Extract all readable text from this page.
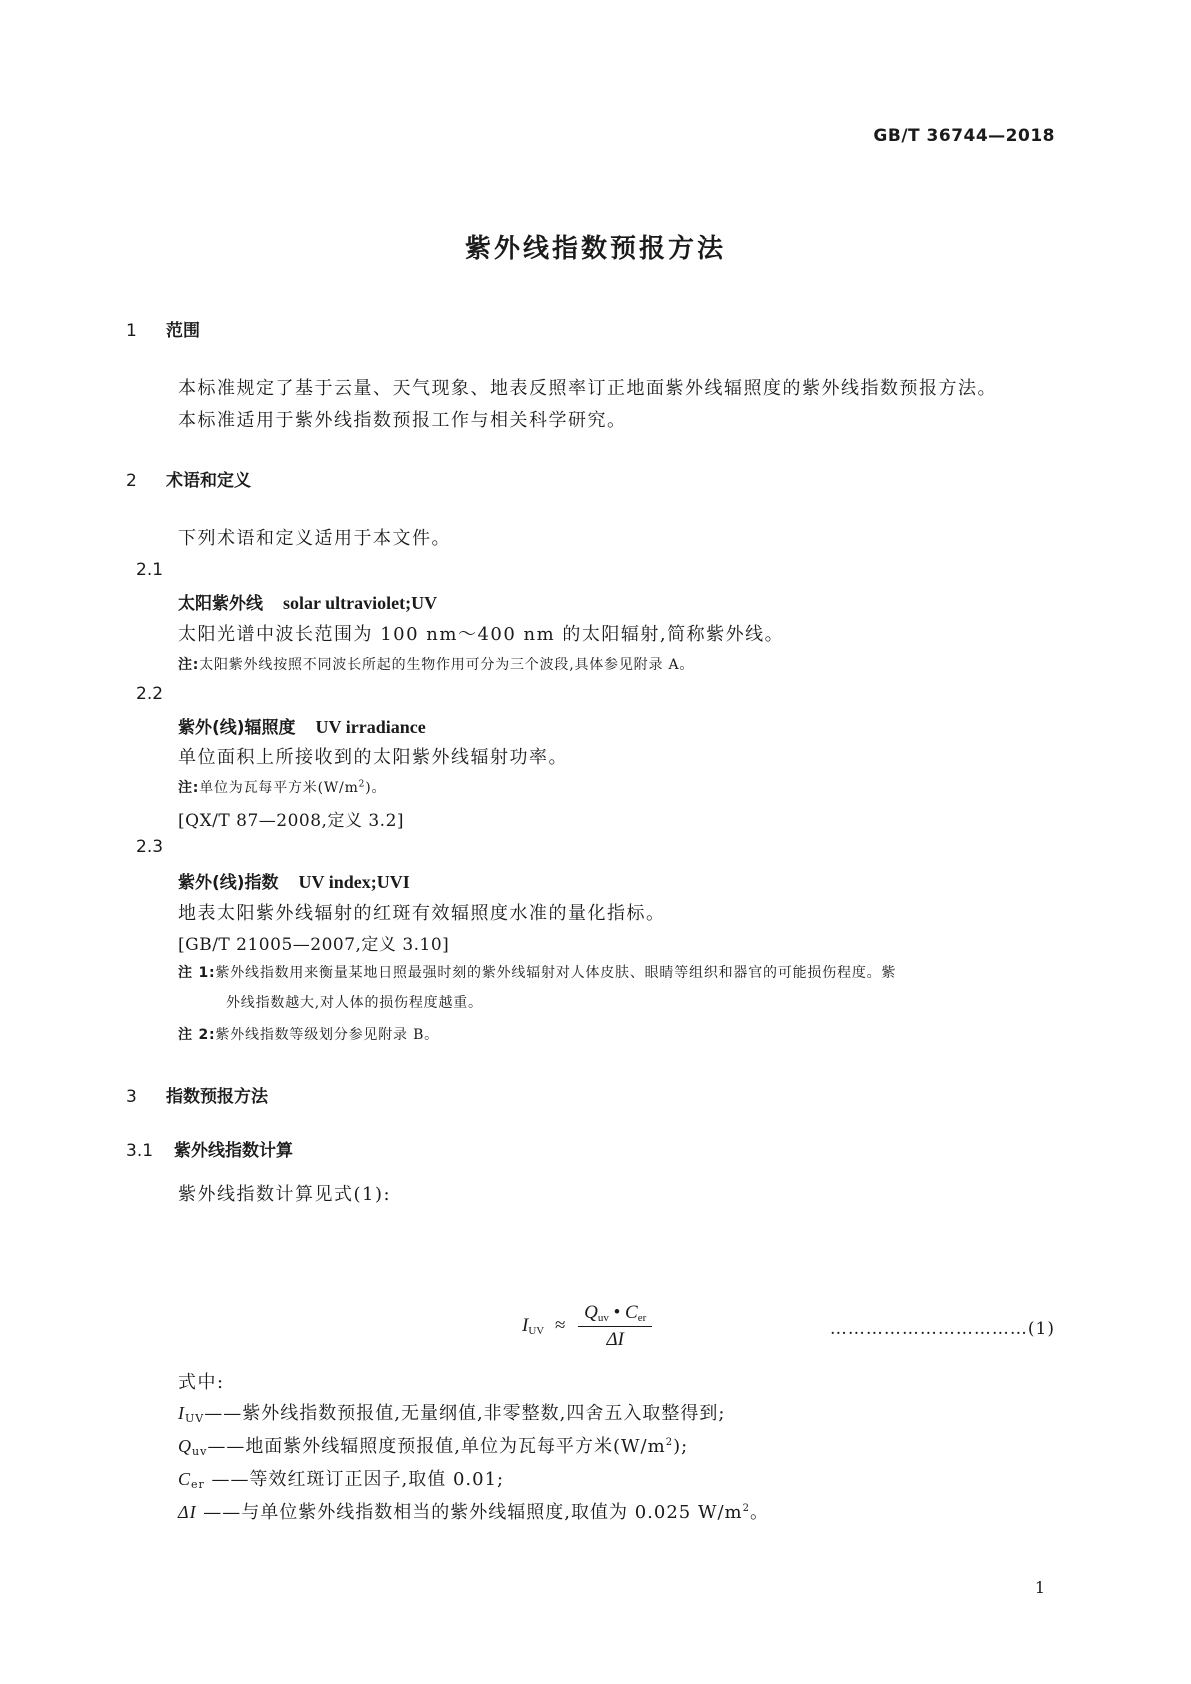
GB/T 36744—2018
紫外线指数预报方法
1 范围
本标准规定了基于云量、天气现象、地表反照率订正地面紫外线辐照度的紫外线指数预报方法。
本标准适用于紫外线指数预报工作与相关科学研究。
2 术语和定义
下列术语和定义适用于本文件。
2.1
太阳紫外线 solar ultraviolet;UV
太阳光谱中波长范围为 100 nm～400 nm 的太阳辐射,简称紫外线。
注:太阳紫外线按照不同波长所起的生物作用可分为三个波段,具体参见附录 A。
2.2
紫外(线)辐照度 UV irradiance
单位面积上所接收到的太阳紫外线辐射功率。
注:单位为瓦每平方米$(W/m^2)$。
[QX/T 87—2008,定义 3.2]
2.3
紫外(线)指数 UV index;UVI
地表太阳紫外线辐射的红斑有效辐照度水准的量化指标。
[GB/T 21005—2007,定义 3.10]
注 1:紫外线指数用来衡量某地日照最强时刻的紫外线辐射对人体皮肤、眼睛等组织和器官的可能损伤程度。紫
外线指数越大,对人体的损伤程度越重。
注 2:紫外线指数等级划分参见附录 B。
3 指数预报方法
3.1 紫外线指数计算
紫外线指数计算见式(1):
$I_{UV} \approx \frac{Q_{uv} • C_{er}}{\Delta I}$	……………………………(1)
式中:
$I_{UV}——$紫外线指数预报值,无量纲值,非零整数,四舍五入取整得到;
$Q_{uv}——$地面紫外线辐照度预报值,单位为瓦每平方米$(W/m^2)$;
$C_{er}$ ——等效红斑订正因子,取值 0.01;
ΔI ——与单位紫外线指数相当的紫外线辐照度,取值为 0.025 $W/m^2$。
1
